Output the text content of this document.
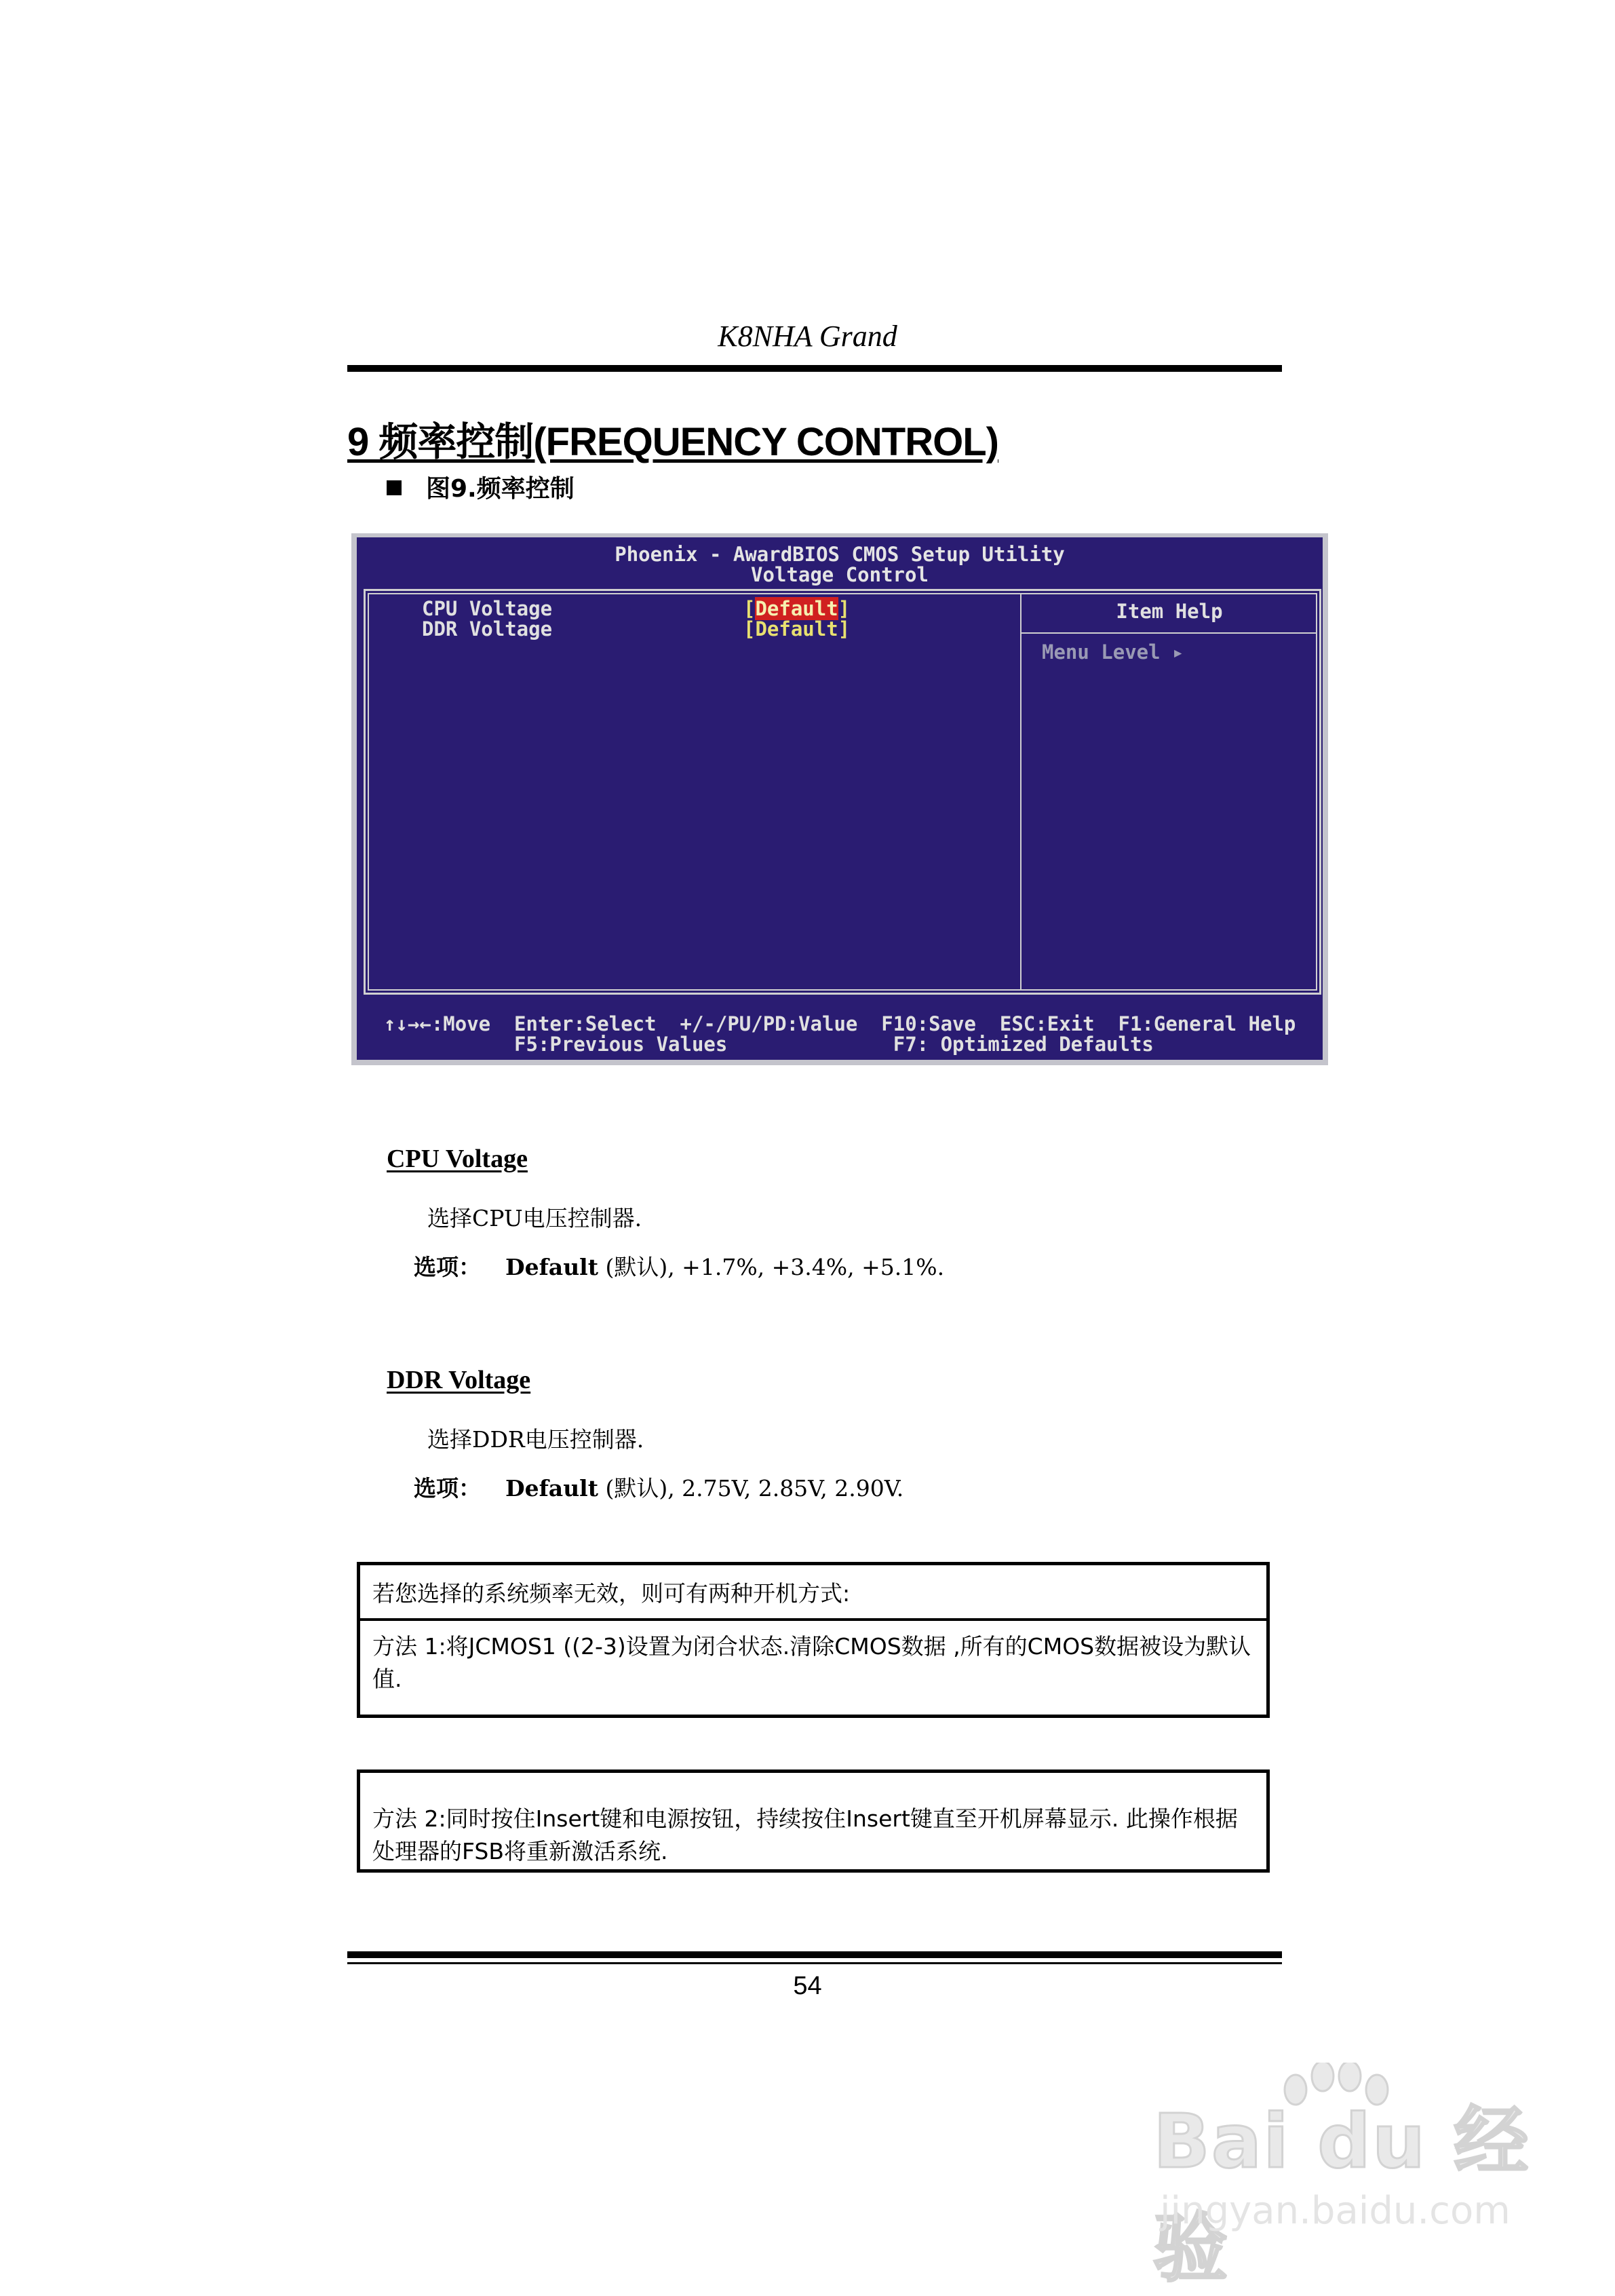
K8NHA Grand
9 频率控制(FREQUENCY CONTROL)
图9.频率控制
Phoenix - AwardBIOS CMOS Setup Utility
Voltage Control
CPU Voltage	[Default]
DDR Voltage	[Default]
Item Help
Menu Level ▸
↑↓→←:Move  Enter:Select  +/-/PU/PD:Value  F10:Save  ESC:Exit  F1:General Help
F5:Previous Values              F7: Optimized Defaults
CPU Voltage
选择CPU电压控制器.
选项： Default (默认), +1.7%, +3.4%, +5.1%.
DDR Voltage
选择DDR电压控制器.
选项： Default (默认), 2.75V, 2.85V, 2.90V.
若您选择的系统频率无效，则可有两种开机方式:
方法 1:将JCMOS1 ((2-3)设置为闭合状态.清除CMOS数据 ,所有的CMOS数据被设为默认值.
方法 2:同时按住Insert键和电源按钮，持续按住Insert键直至开机屏幕显示. 此操作根据处理器的FSB将重新激活系统.
54
Bai du 经验
jingyan.baidu.com
